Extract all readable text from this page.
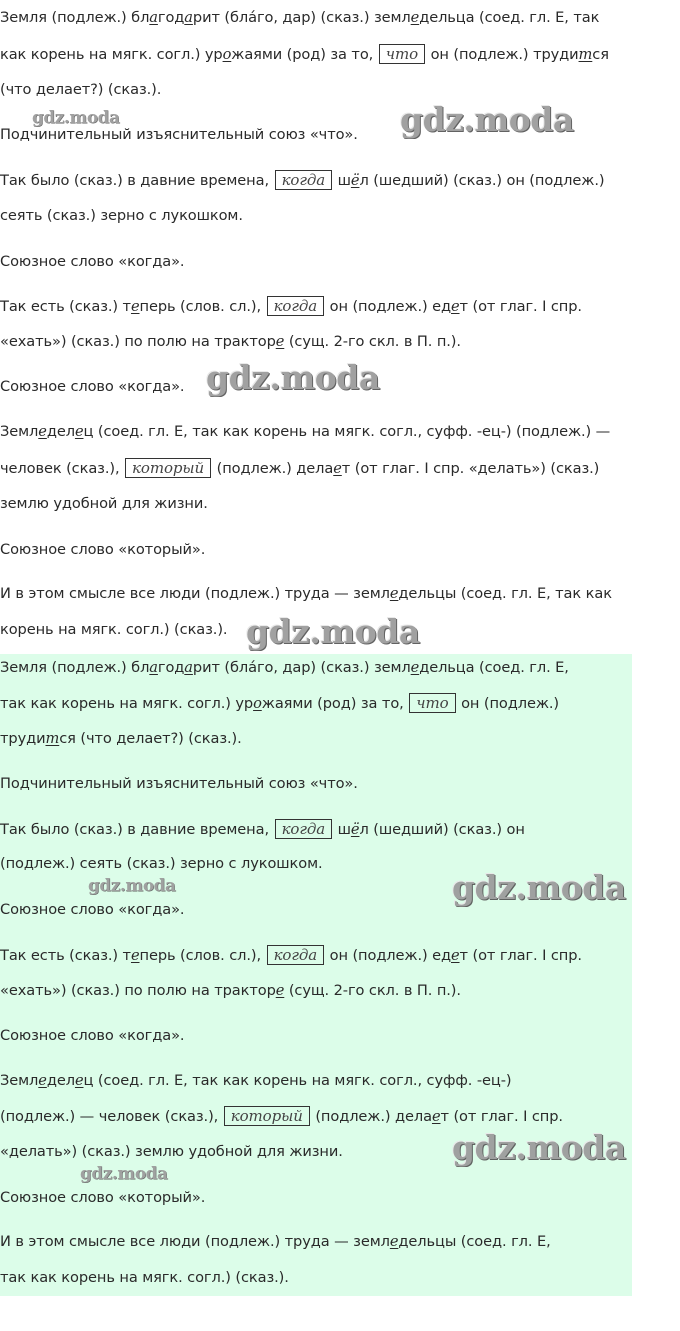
Земля (подлеж.) благодарит (бла́го, дар) (сказ.) земледельца (соед. гл. Е, так
как корень на мягк. согл.) урожаями (род) за то, что он (подлеж.) трудится
(что делает?) (сказ.).
Подчинительный изъяснительный союз «что».
Так было (сказ.) в давние времена, когда шёл (шедший) (сказ.) он (подлеж.)
сеять (сказ.) зерно с лукошком.
Союзное слово «когда».
Так есть (сказ.) теперь (слов. сл.), когда он (подлеж.) едет (от глаг. I спр.
«ехать») (сказ.) по полю на тракторе (сущ. 2-го скл. в П. п.).
Союзное слово «когда».
Земледелец (соед. гл. Е, так как корень на мягк. согл., суфф. -ец-) (подлеж.) —
человек (сказ.), который (подлеж.) делает (от глаг. I спр. «делать») (сказ.)
землю удобной для жизни.
Союзное слово «который».
И в этом смысле все люди (подлеж.) труда — земледельцы (соед. гл. Е, так как
корень на мягк. согл.) (сказ.).
gdz.moda	gdz.moda
gdz.moda
gdz.moda
Земля (подлеж.) благодарит (бла́го, дар) (сказ.) земледельца (соед. гл. Е,
так как корень на мягк. согл.) урожаями (род) за то, что он (подлеж.)
трудится (что делает?) (сказ.).
Подчинительный изъяснительный союз «что».
Так было (сказ.) в давние времена, когда шёл (шедший) (сказ.) он
(подлеж.) сеять (сказ.) зерно с лукошком.
Союзное слово «когда».
Так есть (сказ.) теперь (слов. сл.), когда он (подлеж.) едет (от глаг. I спр.
«ехать») (сказ.) по полю на тракторе (сущ. 2-го скл. в П. п.).
Союзное слово «когда».
Земледелец (соед. гл. Е, так как корень на мягк. согл., суфф. -ец-)
(подлеж.) — человек (сказ.), который (подлеж.) делает (от глаг. I спр.
«делать») (сказ.) землю удобной для жизни.
Союзное слово «который».
И в этом смысле все люди (подлеж.) труда — земледельцы (соед. гл. Е,
так как корень на мягк. согл.) (сказ.).
gdz.moda	gdz.moda
gdz.moda
gdz.moda
